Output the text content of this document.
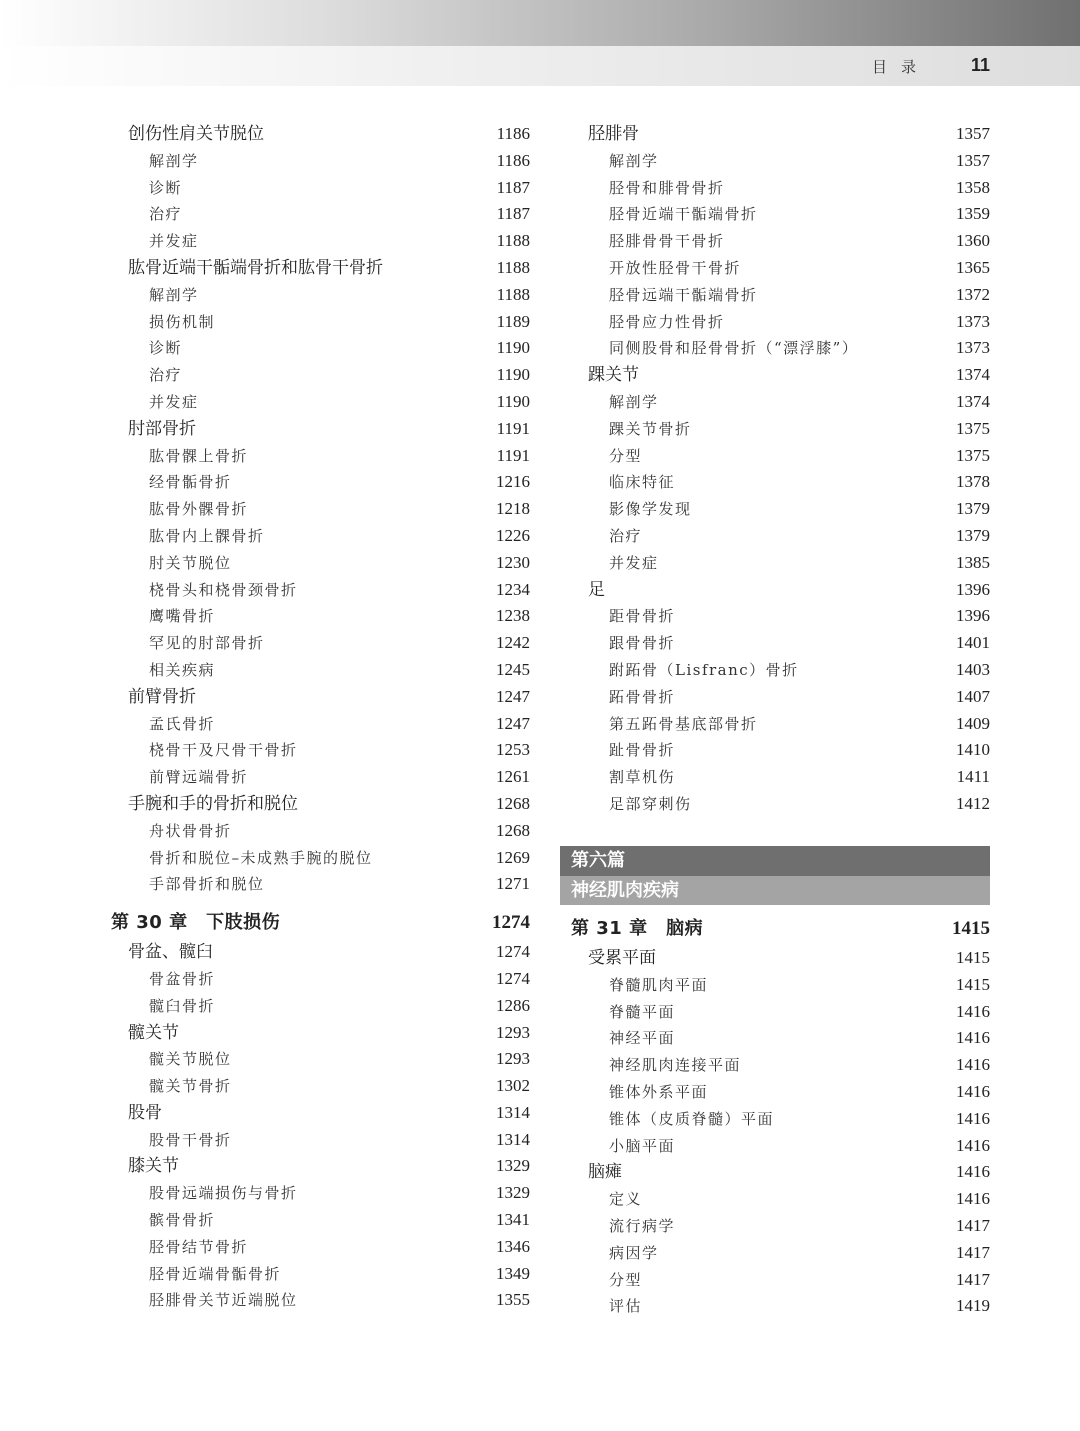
目录 11
创伤性肩关节脱位	1186
解剖学	1186
诊断	1187
治疗	1187
并发症	1188
肱骨近端干骺端骨折和肱骨干骨折	1188
解剖学	1188
损伤机制	1189
诊断	1190
治疗	1190
并发症	1190
肘部骨折	1191
肱骨髁上骨折	1191
经骨骺骨折	1216
肱骨外髁骨折	1218
肱骨内上髁骨折	1226
肘关节脱位	1230
桡骨头和桡骨颈骨折	1234
鹰嘴骨折	1238
罕见的肘部骨折	1242
相关疾病	1245
前臂骨折	1247
孟氏骨折	1247
桡骨干及尺骨干骨折	1253
前臂远端骨折	1261
手腕和手的骨折和脱位	1268
舟状骨骨折	1268
骨折和脱位–未成熟手腕的脱位	1269
手部骨折和脱位	1271
第 30 章　下肢损伤	1274
骨盆、髋臼	1274
骨盆骨折	1274
髋臼骨折	1286
髋关节	1293
髋关节脱位	1293
髋关节骨折	1302
股骨	1314
股骨干骨折	1314
膝关节	1329
股骨远端损伤与骨折	1329
髌骨骨折	1341
胫骨结节骨折	1346
胫骨近端骨骺骨折	1349
胫腓骨关节近端脱位	1355
胫腓骨	1357
解剖学	1357
胫骨和腓骨骨折	1358
胫骨近端干骺端骨折	1359
胫腓骨骨干骨折	1360
开放性胫骨干骨折	1365
胫骨远端干骺端骨折	1372
胫骨应力性骨折	1373
同侧股骨和胫骨骨折（“漂浮膝”）	1373
踝关节	1374
解剖学	1374
踝关节骨折	1375
分型	1375
临床特征	1378
影像学发现	1379
治疗	1379
并发症	1385
足	1396
距骨骨折	1396
跟骨骨折	1401
跗跖骨（Lisfranc）骨折	1403
跖骨骨折	1407
第五跖骨基底部骨折	1409
趾骨骨折	1410
割草机伤	1411
足部穿刺伤	1412
第六篇
神经肌肉疾病
第 31 章　脑病	1415
受累平面	1415
脊髓肌肉平面	1415
脊髓平面	1416
神经平面	1416
神经肌肉连接平面	1416
锥体外系平面	1416
锥体（皮质脊髓）平面	1416
小脑平面	1416
脑瘫	1416
定义	1416
流行病学	1417
病因学	1417
分型	1417
评估	1419
